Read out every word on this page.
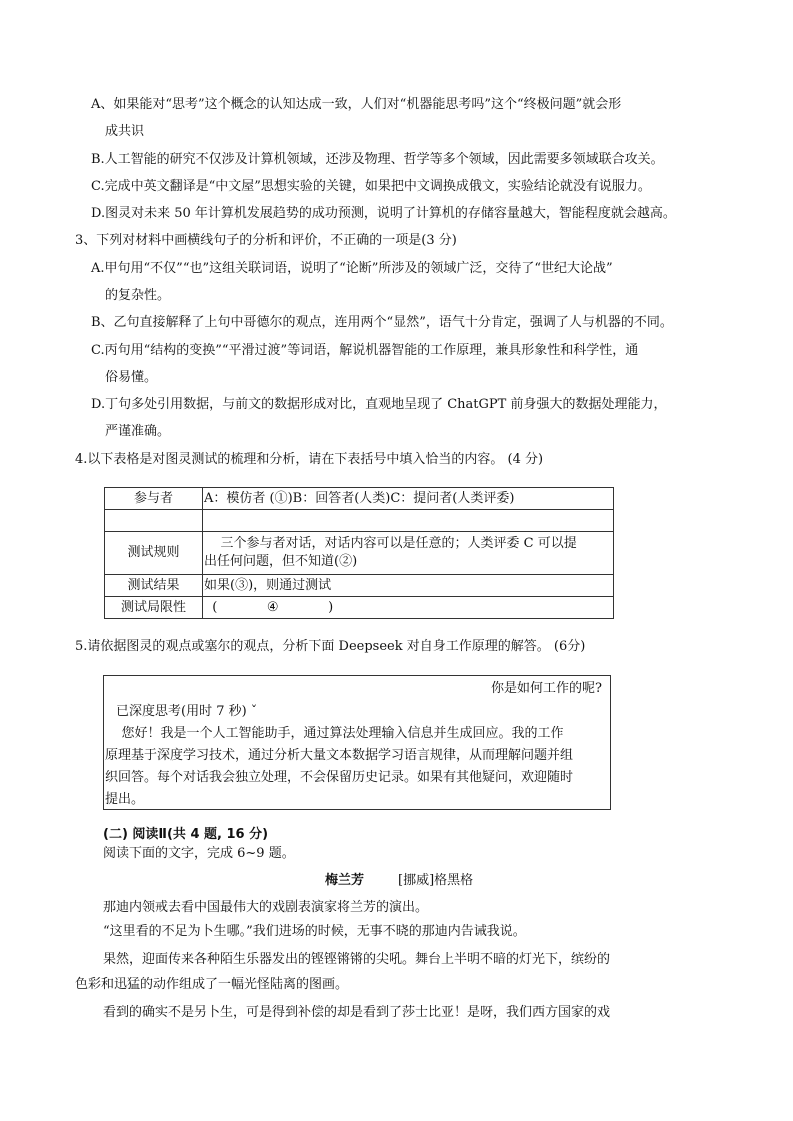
A、如果能对“思考”这个概念的认知达成一致，人们对“机器能思考吗”这个“终极问题”就会形
成共识
B.人工智能的研究不仅涉及计算机领域，还涉及物理、哲学等多个领域，因此需要多领域联合攻关。
C.完成中英文翻译是“中文屋”思想实验的关键，如果把中文调换成俄文，实验结论就没有说服力。
D.图灵对未来 50 年计算机发展趋势的成功预测，说明了计算机的存储容量越大，智能程度就会越高。
3、下列对材料中画横线句子的分析和评价，不正确的一项是(3 分)
A.甲句用“不仅”“也”这组关联词语，说明了“论断”所涉及的领域广泛，交待了“世纪大论战”
的复杂性。
B、乙句直接解释了上句中哥德尔的观点，连用两个“显然”，语气十分肯定，强调了人与机器的不同。
C.丙句用“结构的变换”“平滑过渡”等词语，解说机器智能的工作原理，兼具形象性和科学性，通
俗易懂。
D.丁句多处引用数据，与前文的数据形成对比，直观地呈现了 ChatGPT 前身强大的数据处理能力，
严谨准确。
4.以下表格是对图灵测试的梳理和分析，请在下表括号中填入恰当的内容。 (4 分)
参与者	A：模仿者 (①)B：回答者(人类)C：提问者(人类评委)

测试规则	三个参与者对话，对话内容可以是任意的；人类评委 C 可以提
出任何问题，但不知道(②)

测试结果	如果(③)，则通过测试
测试局限性	(            ④            )
5.请依据图灵的观点或塞尔的观点，分析下面 Deepseek 对自身工作原理的解答。 (6分)
你是如何工作的呢?
已深度思考(用时 7 秒) ˇ
您好！我是一个人工智能助手，通过算法处理输入信息并生成回应。我的工作
原理基于深度学习技术，通过分析大量文本数据学习语言规律，从而理解问题并组
织回答。每个对话我会独立处理，不会保留历史记录。如果有其他疑问，欢迎随时
提出。
(二) 阅读Ⅱ(共 4 题, 16 分)
阅读下面的文字，完成 6~9 题。
梅兰芳	[挪威]格黑格
那迪内领戒去看中国最伟大的戏剧表演家将兰芳的演出。
“这里看的不足为卜生哪。”我们进场的时候，无事不晓的那迪内告诫我说。
果然，迎面传来各种陌生乐器发出的铿铿锵锵的尖吼。舞台上半明不暗的灯光下，缤纷的
色彩和迅猛的动作组成了一幅光怪陆离的图画。
看到的确实不是另卜生，可是得到补偿的却是看到了莎士比亚！是呀，我们西方国家的戏
